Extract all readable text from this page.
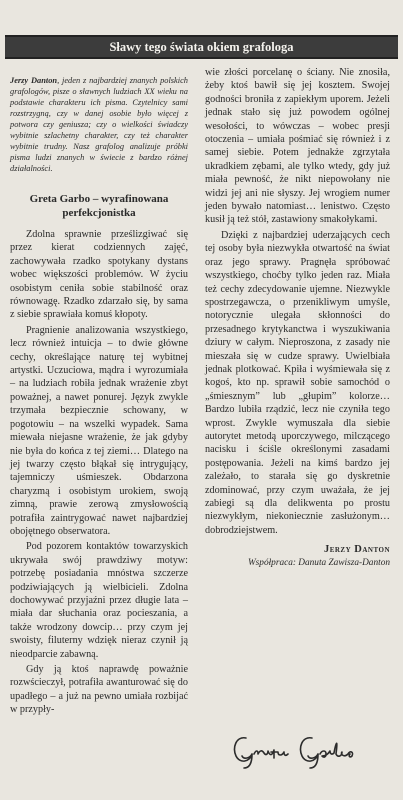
Sławy tego świata okiem grafologa
Jerzy Danton, jeden z najbardziej znanych polskich grafologów, pisze o sławnych ludziach XX wieku na podstawie charakteru ich pisma. Czytelnicy sami rozstrzygną, czy w danej osobie było więcej z potwora czy geniusza; czy o wielkości świadczy wybitnie szlachetny charakter, czy też charakter wybitnie trudny. Nasz grafolog analizuje próbki pisma ludzi znanych w świecie z bardzo różnej działalności.
Greta Garbo – wyrafinowana perfekcjonistka

Zdolna sprawnie prześlizgiwać się przez kierat codziennych zajęć, zachowywała rzadko spotykany dystans wobec większości problemów. W życiu osobistym ceniła sobie stabilność oraz równowagę. Rzadko zdarzało się, by sama z siebie sprawiała komuś kłopoty.

Pragnienie analizowania wszystkiego, lecz również intuicja – to dwie główne cechy, określające naturę tej wybitnej artystki. Uczuciowa, mądra i wyrozumiała – na ludziach robiła jednak wrażenie zbyt poważnej, a nawet ponurej. Język zwykle trzymała bezpiecznie schowany, w pogotowiu – na wszelki wypadek. Sama miewała niejasne wrażenie, że jak gdyby nie była do końca z tej ziemi… Dlatego na jej twarzy często błąkał się intrygujący, tajemniczy uśmieszek. Obdarzona charyzmą i osobistym urokiem, swoją zimną, prawie zerową zmysłowością potrafiła zaintrygować nawet najbardziej obojętnego obserwatora.

Pod pozorem kontaktów towarzyskich ukrywała swój prawdziwy motyw: potrzebę posiadania mnóstwa szczerze podziwiających ją wielbicieli. Zdolna dochowywać przyjaźni przez długie lata – miała dar słuchania oraz pocieszania, a także wrodzony dowcip… przy czym jej swoisty, filuterny wdzięk nieraz czynił ją nieodparcie zabawną.

Gdy ją ktoś naprawdę poważnie rozwścieczył, potrafiła awanturować się do upadłego – a już na pewno umiała rozbijać w przypły-

wie złości porcelanę o ściany. Nie znosiła, żeby ktoś bawił się jej kosztem. Swojej godności broniła z zapiekłym uporem. Jeżeli jednak stało się już powodem ogólnej wesołości, to wówczas – wobec presji otoczenia – umiała pośmiać się również i z samej siebie. Potem jednakże zgrzytała ukradkiem zębami, ale tylko wtedy, gdy już miała pewność, że nikt niepowołany nie widzi jej ani nie słyszy. Jej wrogiem numer jeden bywało natomiast… lenistwo. Często kusił ją też stół, zastawiony smakołykami.

Dzięki z najbardziej uderzających cech tej osoby była niezwykła otwartość na świat oraz jego sprawy. Pragnęła spróbować wszystkiego, choćby tylko jeden raz. Miała też cechy zdecydowanie ujemne. Niezwykle spostrzegawcza, o przenikliwym umyśle, notorycznie ulegała skłonności do przesadnego krytykanctwa i wyszukiwania dziury w całym. Nieproszona, z zasady nie mieszała się w cudze sprawy. Uwielbiała jednak plotkować. Kpiła i wyśmiewała się z kogoś, kto np. sprawił sobie samochód o „śmiesznym” lub „głupim” kolorze… Bardzo lubiła rządzić, lecz nie czyniła tego wprost. Zwykle wymuszała dla siebie autorytet metodą uporczywego, milczącego nacisku i ściśle określonymi zasadami postępowania. Jeżeli na kimś bardzo jej zależało, to starała się go dyskretnie zdominować, przy czym uważała, że jej zabiegi są dla delikwenta po prostu niezwykłym, niekoniecznie zasłużonym… dobrodziejstwem.

Jerzy Danton
Współpraca: Danuta Zawisza-Danton
